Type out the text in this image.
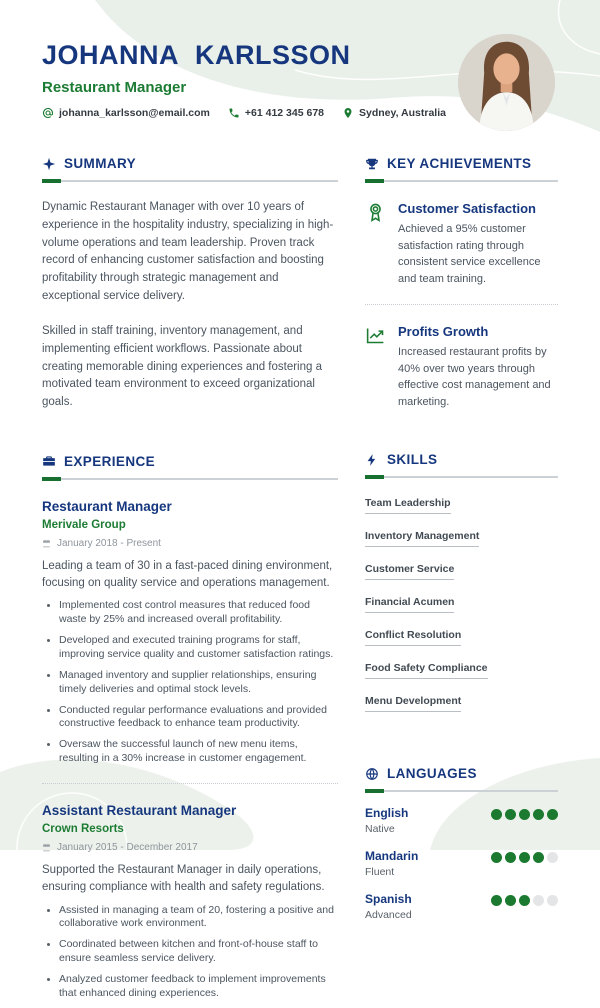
JOHANNA KARLSSON
Restaurant Manager
johanna_karlsson@email.com	+61 412 345 678	Sydney, Australia
SUMMARY

Dynamic Restaurant Manager with over 10 years of experience in the hospitality industry, specializing in high-volume operations and team leadership. Proven track record of enhancing customer satisfaction and boosting profitability through strategic management and exceptional service delivery.

Skilled in staff training, inventory management, and implementing efficient workflows. Passionate about creating memorable dining experiences and fostering a motivated team environment to exceed organizational goals.

EXPERIENCE
Restaurant Manager
Merivale Group
January 2018 - Present

Leading a team of 30 in a fast-paced dining environment, focusing on quality service and operations management.

• Implemented cost control measures that reduced food waste by 25% and increased overall profitability.
• Developed and executed training programs for staff, improving service quality and customer satisfaction ratings.
• Managed inventory and supplier relationships, ensuring timely deliveries and optimal stock levels.
• Conducted regular performance evaluations and provided constructive feedback to enhance team productivity.
• Oversaw the successful launch of new menu items, resulting in a 30% increase in customer engagement.
Assistant Restaurant Manager
Crown Resorts
January 2015 - December 2017

Supported the Restaurant Manager in daily operations, ensuring compliance with health and safety regulations.

• Assisted in managing a team of 20, fostering a positive and collaborative work environment.
• Coordinated between kitchen and front-of-house staff to ensure seamless service delivery.
• Analyzed customer feedback to implement improvements that enhanced dining experiences.
KEY ACHIEVEMENTS
Customer Satisfaction
Achieved a 95% customer satisfaction rating through consistent service excellence and team training.
Profits Growth
Increased restaurant profits by 40% over two years through effective cost management and marketing.
SKILLS
Team LeadershipInventory ManagementCustomer ServiceFinancial AcumenConflict ResolutionFood Safety ComplianceMenu Development
LANGUAGES
English
Native
Mandarin
Fluent
Spanish
Advanced
